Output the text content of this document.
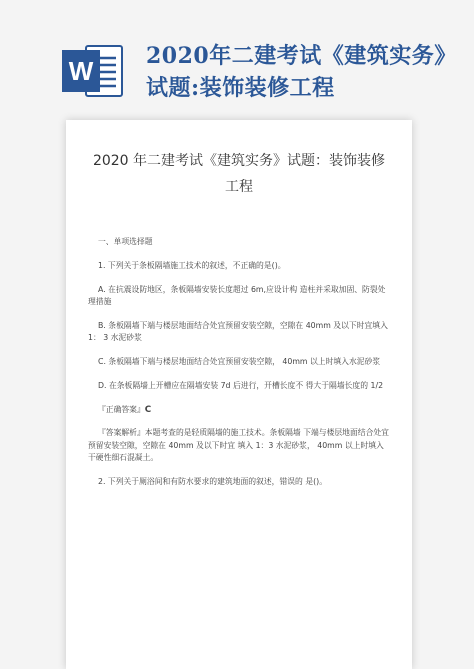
W 2020年二建考试《建筑实务》试题:装饰装修工程
2020 年二建考试《建筑实务》试题：装饰装修工程

一、单项选择题

1. 下列关于条板隔墙施工技术的叙述，不正确的是()。

A. 在抗震设防地区，条板隔墙安装长度超过 6m,应设计构 造柱并采取加固、防裂处理措施

B. 条板隔墙下端与楼层地面结合处宜预留安装空隙，空隙在 40mm 及以下时宜填入 1： 3 水泥砂浆

C. 条板隔墙下端与楼层地面结合处宜预留安装空隙， 40mm 以上时填入水泥砂浆

D. 在条板隔墙上开槽应在隔墙安装 7d 后进行，开槽长度不 得大于隔墙长度的 1/2

『正确答案』C

『答案解析』本题考查的是轻质隔墙的施工技术。条板隔墙 下端与楼层地面结合处宜预留安装空隙，空隙在 40mm 及以下时宜 填入 1：3 水泥砂浆， 40mm 以上时填入干硬性细石混凝土。

2. 下列关于厕浴间和有防水要求的建筑地面的叙述，错误的 是()。
